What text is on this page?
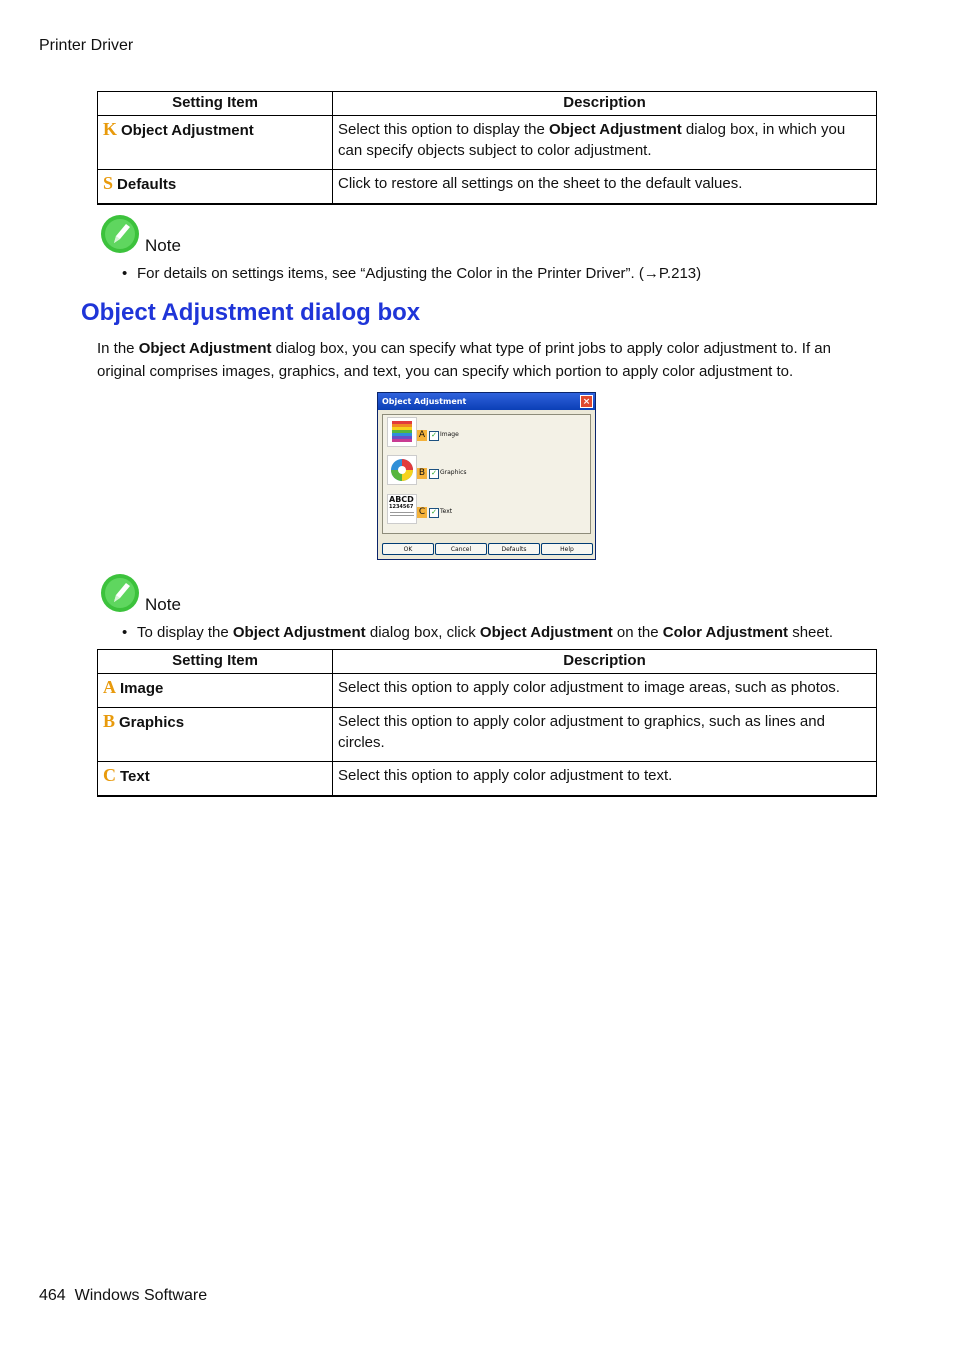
Printer Driver
Setting Item	Description
K Object Adjustment	Select this option to display the Object Adjustment dialog box, in which you can specify objects subject to color adjustment.
S Defaults	Click to restore all settings on the sheet to the default values.
Note
• For details on settings items, see “Adjusting the Color in the Printer Driver”. (→P.213)
Object Adjustment dialog box
In the Object Adjustment dialog box, you can specify what type of print jobs to apply color adjustment to. If an original comprises images, graphics, and text, you can specify which portion to apply color adjustment to.
Object Adjustment	×
A ✓ Image
B ✓ Graphics
ABCD
1234567 C ✓ Text
OK	Cancel	Defaults	Help
Note
• To display the Object Adjustment dialog box, click Object Adjustment on the Color Adjustment sheet.
Setting Item	Description
A Image	Select this option to apply color adjustment to image areas, such as photos.
B Graphics	Select this option to apply color adjustment to graphics, such as lines and circles.
C Text	Select this option to apply color adjustment to text.
464 Windows Software
